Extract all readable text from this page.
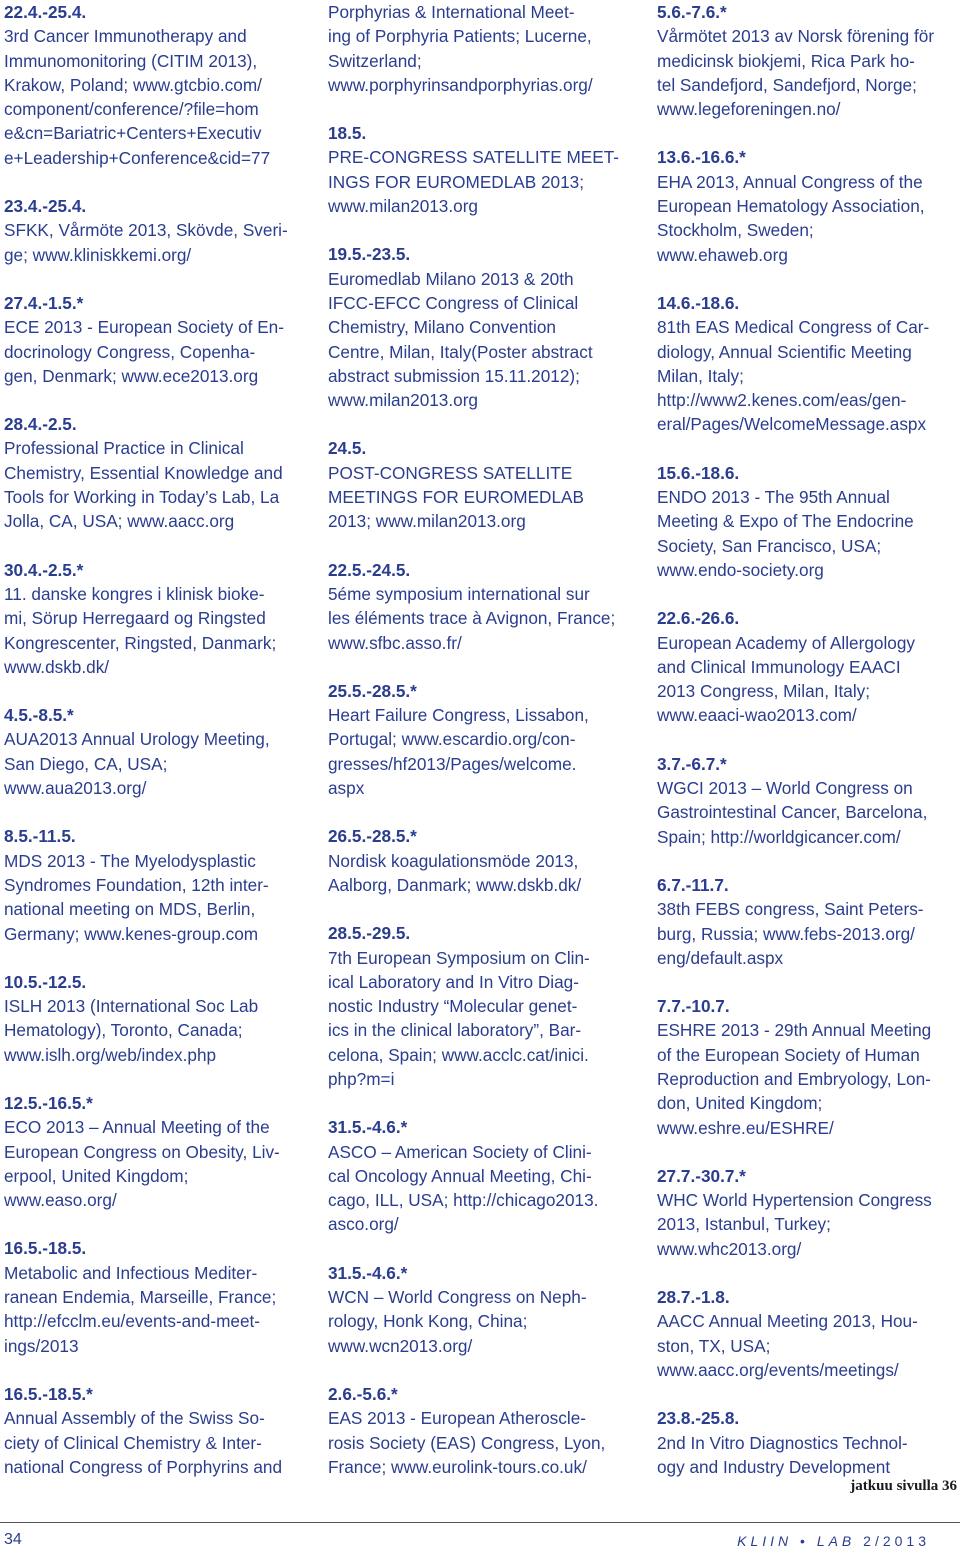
22.4.-25.4.
3rd Cancer Immunotherapy and
Immunomonitoring (CITIM 2013),
Krakow, Poland; www.gtcbio.com/
component/conference/?file=hom
e&cn=Bariatric+Centers+Executiv
e+Leadership+Conference&cid=77
23.4.-25.4.
SFKK, Vårmöte 2013, Skövde, Sveri-
ge; www.kliniskkemi.org/
27.4.-1.5.*
ECE 2013 - European Society of En-
docrinology Congress, Copenha-
gen, Denmark; www.ece2013.org
28.4.-2.5.
Professional Practice in Clinical
Chemistry, Essential Knowledge and
Tools for Working in Today’s Lab, La
Jolla, CA, USA; www.aacc.org
30.4.-2.5.*
11. danske kongres i klinisk bioke-
mi, Sörup Herregaard og Ringsted
Kongrescenter, Ringsted, Danmark;
www.dskb.dk/
4.5.-8.5.*
AUA2013 Annual Urology Meeting,
San Diego, CA, USA;
www.aua2013.org/
8.5.-11.5.
MDS 2013 - The Myelodysplastic
Syndromes Foundation, 12th inter-
national meeting on MDS, Berlin,
Germany; www.kenes-group.com
10.5.-12.5.
ISLH 2013 (International Soc Lab
Hematology), Toronto, Canada;
www.islh.org/web/index.php
12.5.-16.5.*
ECO 2013 – Annual Meeting of the
European Congress on Obesity, Liv-
erpool, United Kingdom;
www.easo.org/
16.5.-18.5.
Metabolic and Infectious Mediter-
ranean Endemia, Marseille, France;
http://efcclm.eu/events-and-meet-
ings/2013
16.5.-18.5.*
Annual Assembly of the Swiss So-
ciety of Clinical Chemistry & Inter-
national Congress of Porphyrins and
Porphyrias & International Meet-
ing of Porphyria Patients; Lucerne,
Switzerland;
www.porphyrinsandporphyrias.org/
18.5.
PRE-CONGRESS SATELLITE MEET-
INGS FOR EUROMEDLAB 2013;
www.milan2013.org
19.5.-23.5.
Euromedlab Milano 2013 & 20th
IFCC-EFCC Congress of Clinical
Chemistry, Milano Convention
Centre, Milan, Italy(Poster abstract
abstract submission 15.11.2012);
www.milan2013.org
24.5.
POST-CONGRESS SATELLITE
MEETINGS FOR EUROMEDLAB
2013; www.milan2013.org
22.5.-24.5.
5éme symposium international sur
les éléments trace à Avignon, France;
www.sfbc.asso.fr/
25.5.-28.5.*
Heart Failure Congress, Lissabon,
Portugal; www.escardio.org/con-
gresses/hf2013/Pages/welcome.
aspx
26.5.-28.5.*
Nordisk koagulationsmöde 2013,
Aalborg, Danmark; www.dskb.dk/
28.5.-29.5.
7th European Symposium on Clin-
ical Laboratory and In Vitro Diag-
nostic Industry “Molecular genet-
ics in the clinical laboratory”, Bar-
celona, Spain; www.acclc.cat/inici.
php?m=i
31.5.-4.6.*
ASCO – American Society of Clini-
cal Oncology Annual Meeting, Chi-
cago, ILL, USA; http://chicago2013.
asco.org/
31.5.-4.6.*
WCN – World Congress on Neph-
rology, Honk Kong, China;
www.wcn2013.org/
2.6.-5.6.*
EAS 2013 - European Atheroscle-
rosis Society (EAS) Congress, Lyon,
France; www.eurolink-tours.co.uk/
5.6.-7.6.*
Vårmötet 2013 av Norsk förening för
medicinsk biokjemi, Rica Park ho-
tel Sandefjord, Sandefjord, Norge;
www.legeforeningen.no/
13.6.-16.6.*
EHA 2013, Annual Congress of the
European Hematology Association,
Stockholm, Sweden;
www.ehaweb.org
14.6.-18.6.
81th EAS Medical Congress of Car-
diology, Annual Scientific Meeting
Milan, Italy;
http://www2.kenes.com/eas/gen-
eral/Pages/WelcomeMessage.aspx
15.6.-18.6.
ENDO 2013 - The 95th Annual
Meeting & Expo of The Endocrine
Society, San Francisco, USA;
www.endo-society.org
22.6.-26.6.
European Academy of Allergology
and Clinical Immunology EAACI
2013 Congress, Milan, Italy;
www.eaaci-wao2013.com/
3.7.-6.7.*
WGCI 2013 – World Congress on
Gastrointestinal Cancer, Barcelona,
Spain; http://worldgicancer.com/
6.7.-11.7.
38th FEBS congress, Saint Peters-
burg, Russia; www.febs-2013.org/
eng/default.aspx
7.7.-10.7.
ESHRE 2013 - 29th Annual Meeting
of the European Society of Human
Reproduction and Embryology, Lon-
don, United Kingdom;
www.eshre.eu/ESHRE/
27.7.-30.7.*
WHC World Hypertension Congress
2013, Istanbul, Turkey;
www.whc2013.org/
28.7.-1.8.
AACC Annual Meeting 2013, Hou-
ston, TX, USA;
www.aacc.org/events/meetings/
23.8.-25.8.
2nd In Vitro Diagnostics Technol-
ogy and Industry Development
jatkuu sivulla 36
34	KLIIN • LAB 2/2013
